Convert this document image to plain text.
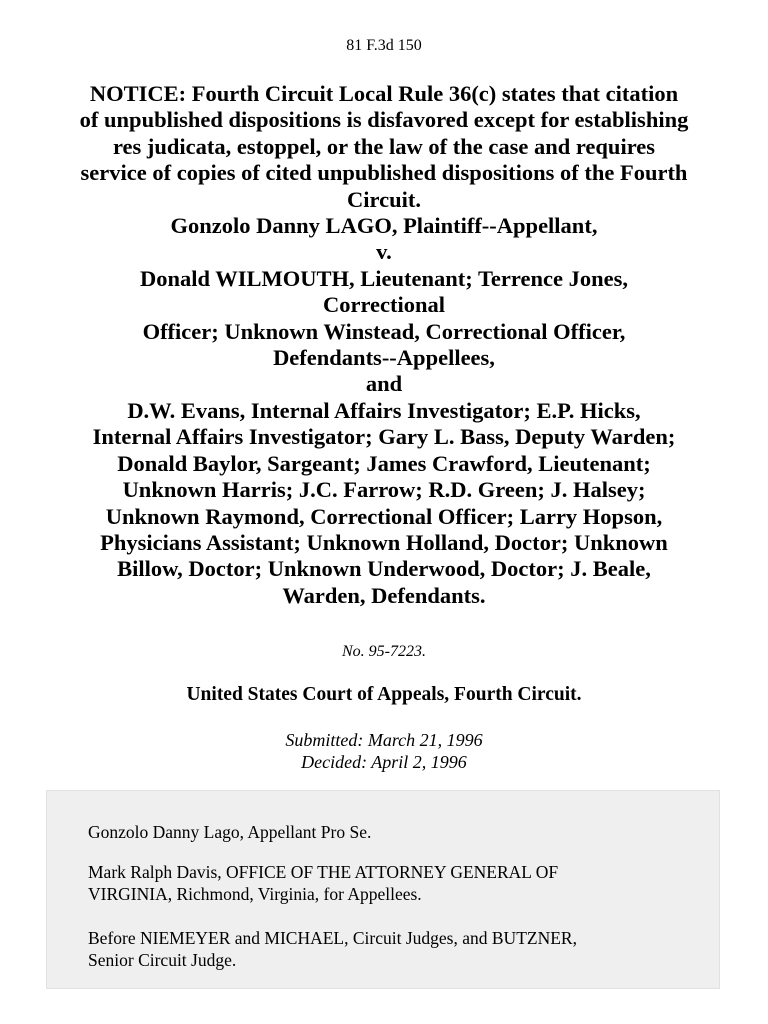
81 F.3d 150
NOTICE: Fourth Circuit Local Rule 36(c) states that citation
of unpublished dispositions is disfavored except for establishing
res judicata, estoppel, or the law of the case and requires
service of copies of cited unpublished dispositions of the Fourth
Circuit.
Gonzolo Danny LAGO, Plaintiff--Appellant,
v.
Donald WILMOUTH, Lieutenant; Terrence Jones,
Correctional
Officer; Unknown Winstead, Correctional Officer,
Defendants--Appellees,
and
D.W. Evans, Internal Affairs Investigator; E.P. Hicks,
Internal Affairs Investigator; Gary L. Bass, Deputy Warden;
Donald Baylor, Sargeant; James Crawford, Lieutenant;
Unknown Harris; J.C. Farrow; R.D. Green; J. Halsey;
Unknown Raymond, Correctional Officer; Larry Hopson,
Physicians Assistant; Unknown Holland, Doctor; Unknown
Billow, Doctor; Unknown Underwood, Doctor; J. Beale,
Warden, Defendants.
No. 95-7223.
United States Court of Appeals, Fourth Circuit.
Submitted: March 21, 1996
Decided: April 2, 1996

Gonzolo Danny Lago, Appellant Pro Se.

Mark Ralph Davis, OFFICE OF THE ATTORNEY GENERAL OF
VIRGINIA, Richmond, Virginia, for Appellees.

Before NIEMEYER and MICHAEL, Circuit Judges, and BUTZNER,
Senior Circuit Judge.
